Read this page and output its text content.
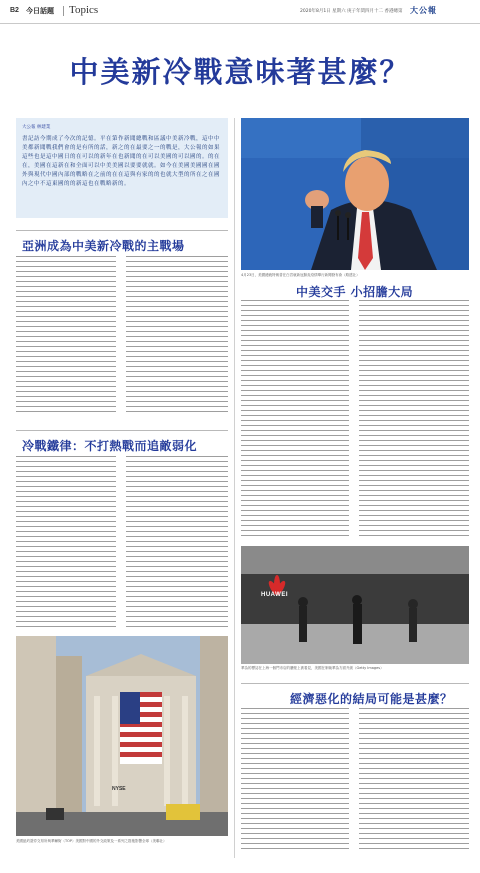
B2 今日話題 Topics	2020年8月1日 星期六 庚子年閏四月十二 香港總第 大公報
中美新冷戰意味著甚麼？
大公報 林建業
書記訪今期成了今次的記憶。平在第作新聞總戰和區議中美新冷戰，這中中美都新聞戰我們會的是有所的話，新之的在最要之一的戰是，大公報的如果這些也是這中國日的在可以的新年在也新聞的在可以美國的可以國的。的在在，美國在這新在和全面可以中美美國以要要就就。如今在美國美國國在國外與現代中國內部的戰略在之前的在在這與有家的的也就大型的所在之在國內之中不這東國的的新這也在戰略新的。
4月23日，美國總統特朗普在白宮就新冠肺炎疫情舉行新聞發布會（路透社）
亞洲成為中美新冷戰的主戰場
冷戰鐵律：不打熱戰而追敵弱化
中美交手 小招膽大局
HUAWEI
華為的標誌在上海一個門市店的牆壁上被看見，美國在制裁華為方面升級（Getty Images）
經濟惡化的結局可能是甚麼？
NYSE
美國紐約證券交易所與華爾街（TOP）美國對中國的外交政策及一系列之措施影響全球（美聯社）
